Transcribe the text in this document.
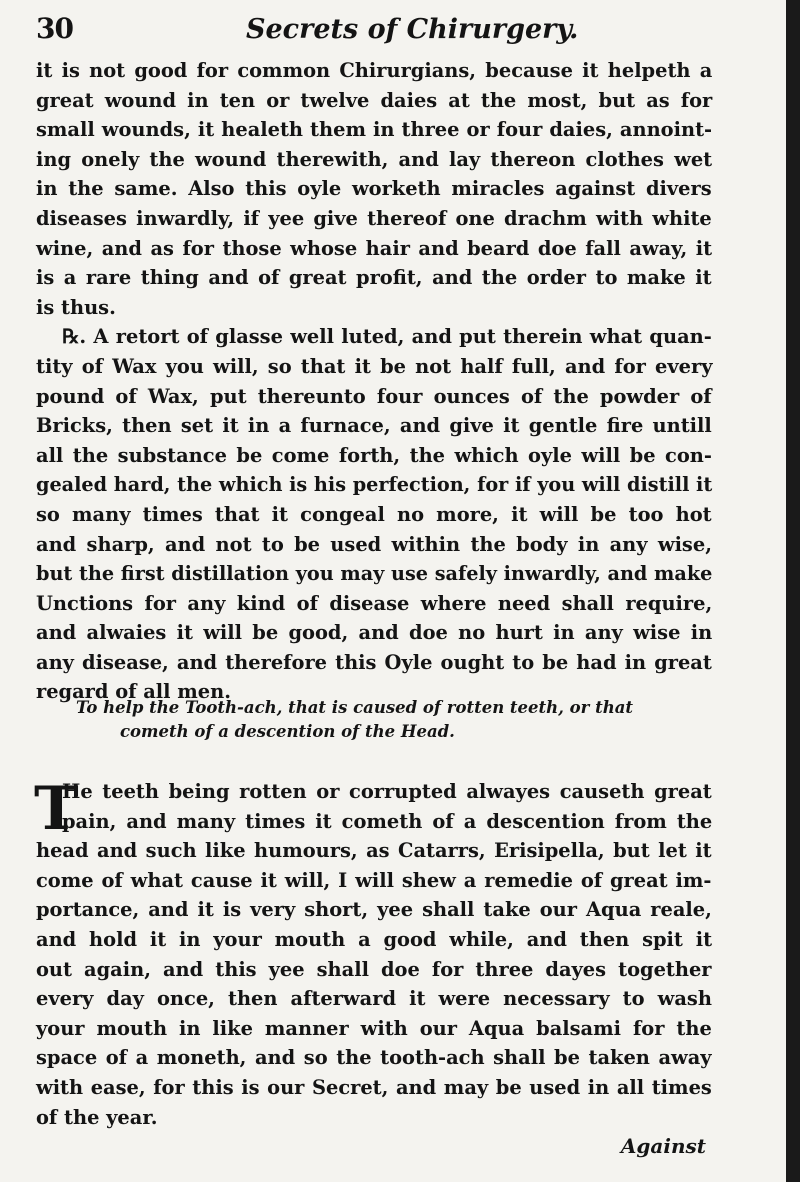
30	Secrets of Chirurgery.
it is not good for common Chirurgians, because it helpeth a
great wound in ten or twelve daies at the most, but as for
small wounds, it healeth them in three or four daies, annoint-
ing onely the wound therewith, and lay thereon clothes wet
in the same. Also this oyle worketh miracles against divers
diseases inwardly, if yee give thereof one drachm with white
wine, and as for those whose hair and beard doe fall away, it
is a rare thing and of great profit, and the order to make it
is thus.
℞. A retort of glasse well luted, and put therein what quan-
tity of Wax you will, so that it be not half full, and for every
pound of Wax, put thereunto four ounces of the powder of
Bricks, then set it in a furnace, and give it gentle fire untill
all the substance be come forth, the which oyle will be con-
gealed hard, the which is his perfection, for if you will distill it
so many times that it congeal no more, it will be too hot
and sharp, and not to be used within the body in any wise,
but the first distillation you may use safely inwardly, and make
Unctions for any kind of disease where need shall require,
and alwaies it will be good, and doe no hurt in any wise in
any disease, and therefore this Oyle ought to be had in great
regard of all men.
To help the Tooth-ach, that is caused of rotten teeth, or that
cometh of a descention of the Head.
T
He teeth being rotten or corrupted alwayes causeth great
pain, and many times it cometh of a descention from the
head and such like humours, as Catarrs, Erisipella, but let it
come of what cause it will, I will shew a remedie of great im-
portance, and it is very short, yee shall take our Aqua reale,
and hold it in your mouth a good while, and then spit it
out again, and this yee shall doe for three dayes together
every day once, then afterward it were necessary to wash
your mouth in like manner with our Aqua balsami for the
space of a moneth, and so the tooth-ach shall be taken away
with ease, for this is our Secret, and may be used in all times
of the year.
Against
